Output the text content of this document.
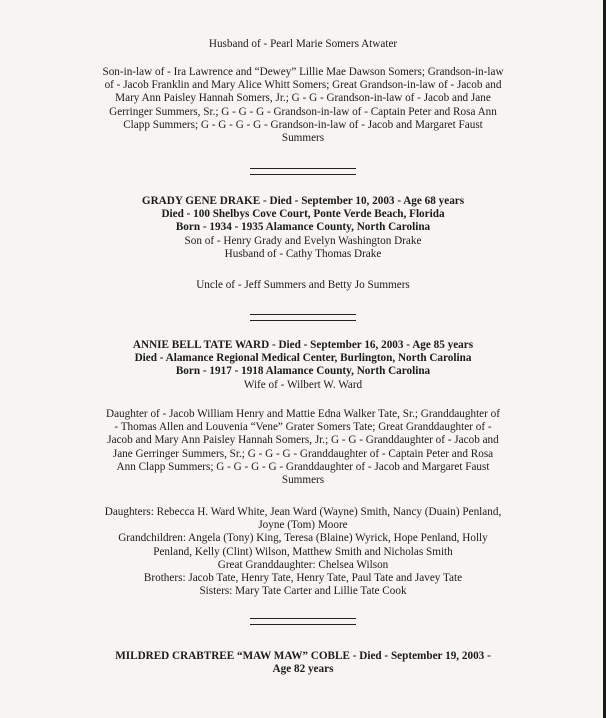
Husband of - Pearl Marie Somers Atwater
Son-in-law of - Ira Lawrence and “Dewey” Lillie Mae Dawson Somers; Grandson-in-law
of - Jacob Franklin and Mary Alice Whitt Somers; Great Grandson-in-law of - Jacob and
Mary Ann Paisley Hannah Somers, Jr.; G - G - Grandson-in-law of - Jacob and Jane
Gerringer Summers, Sr.; G - G - G - Grandson-in-law of - Captain Peter and Rosa Ann
Clapp Summers; G - G - G - G - Grandson-in-law of - Jacob and Margaret Faust
Summers
GRADY GENE DRAKE - Died - September 10, 2003 - Age 68 years
Died - 100 Shelbys Cove Court, Ponte Verde Beach, Florida
Born - 1934 - 1935 Alamance County, North Carolina
Son of - Henry Grady and Evelyn Washington Drake
Husband of - Cathy Thomas Drake
Uncle of - Jeff Summers and Betty Jo Summers
ANNIE BELL TATE WARD - Died - September 16, 2003 - Age 85 years
Died - Alamance Regional Medical Center, Burlington, North Carolina
Born - 1917 - 1918 Alamance County, North Carolina
Wife of - Wilbert W. Ward
Daughter of - Jacob William Henry and Mattie Edna Walker Tate, Sr.; Granddaughter of
- Thomas Allen and Louvenia “Vene” Grater Somers Tate; Great Granddaughter of -
Jacob and Mary Ann Paisley Hannah Somers, Jr.; G - G - Granddaughter of - Jacob and
Jane Gerringer Summers, Sr.; G - G - G - Granddaughter of - Captain Peter and Rosa
Ann Clapp Summers; G - G - G - G - Granddaughter of - Jacob and Margaret Faust
Summers
Daughters: Rebecca H. Ward White, Jean Ward (Wayne) Smith, Nancy (Duain) Penland,
Joyne (Tom) Moore
Grandchildren: Angela (Tony) King, Teresa (Blaine) Wyrick, Hope Penland, Holly
Penland, Kelly (Clint) Wilson, Matthew Smith and Nicholas Smith
Great Granddaughter: Chelsea Wilson
Brothers: Jacob Tate, Henry Tate, Henry Tate, Paul Tate and Javey Tate
Sisters: Mary Tate Carter and Lillie Tate Cook
MILDRED CRABTREE “MAW MAW” COBLE - Died - September 19, 2003 -
Age 82 years
